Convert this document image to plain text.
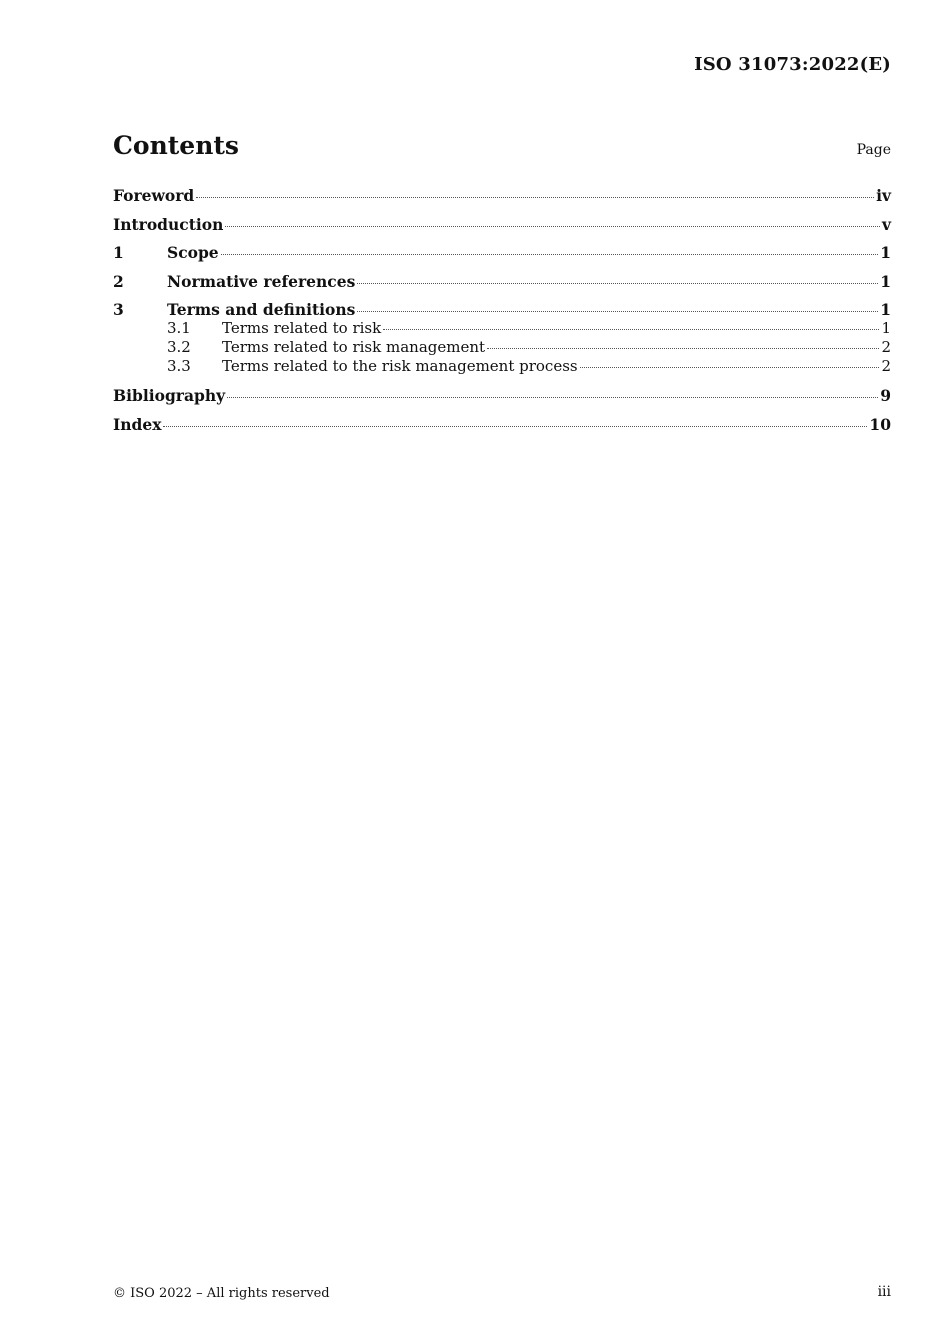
ISO 31073:2022(E)
Contents	Page
Foreword	iv
Introduction	v
1	Scope	1
2	Normative references	1
3	Terms and definitions	1
3.1	Terms related to risk	1
3.2	Terms related to risk management	2
3.3	Terms related to the risk management process	2
Bibliography	9
Index	10
© ISO 2022 – All rights reserved	iii
